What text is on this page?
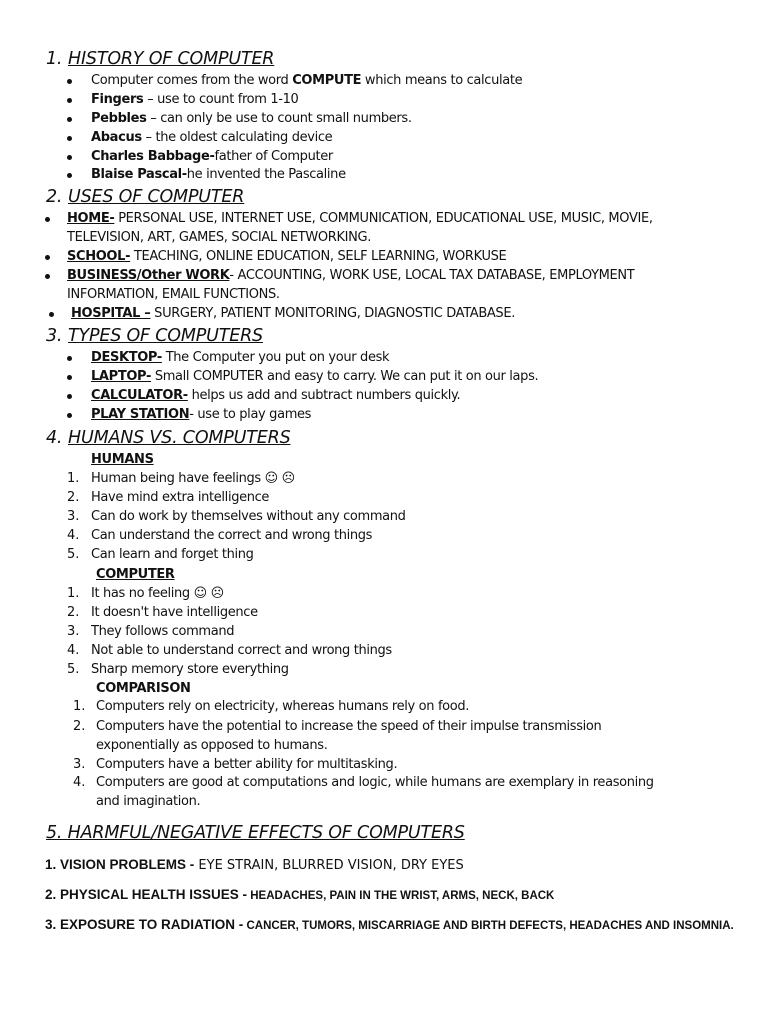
1. HISTORY OF COMPUTER
Computer comes from the word COMPUTE which means to calculate
Fingers – use to count from 1-10
Pebbles – can only be use to count small numbers.
Abacus – the oldest calculating device
Charles Babbage-father of Computer
Blaise Pascal-he invented the Pascaline
2. USES OF COMPUTER
HOME- PERSONAL USE, INTERNET USE, COMMUNICATION, EDUCATIONAL USE, MUSIC, MOVIE,
TELEVISION, ART, GAMES, SOCIAL NETWORKING.
SCHOOL- TEACHING, ONLINE EDUCATION, SELF LEARNING, WORKUSE
BUSINESS/Other WORK- ACCOUNTING, WORK USE, LOCAL TAX DATABASE, EMPLOYMENT
INFORMATION, EMAIL FUNCTIONS.
HOSPITAL – SURGERY, PATIENT MONITORING, DIAGNOSTIC DATABASE.
3. TYPES OF COMPUTERS
DESKTOP- The Computer you put on your desk
LAPTOP- Small COMPUTER and easy to carry. We can put it on our laps.
CALCULATOR- helps us add and subtract numbers quickly.
PLAY STATION- use to play games
4. HUMANS VS. COMPUTERS
HUMANS
1. Human being have feelings ☺ ☹
2. Have mind extra intelligence
3. Can do work by themselves without any command
4. Can understand the correct and wrong things
5. Can learn and forget thing
COMPUTER
1. It has no feeling ☺ ☹
2. It doesn't have intelligence
3. They follows command
4. Not able to understand correct and wrong things
5. Sharp memory store everything
COMPARISON
1. Computers rely on electricity, whereas humans rely on food.
2. Computers have the potential to increase the speed of their impulse transmission
exponentially as opposed to humans.
3. Computers have a better ability for multitasking.
4. Computers are good at computations and logic, while humans are exemplary in reasoning
and imagination.
5. HARMFUL/NEGATIVE EFFECTS OF COMPUTERS
1. VISION PROBLEMS - EYE STRAIN, BLURRED VISION, DRY EYES
2. PHYSICAL HEALTH ISSUES - HEADACHES, PAIN IN THE WRIST, ARMS, NECK, BACK
3. EXPOSURE TO RADIATION - CANCER, TUMORS, MISCARRIAGE AND BIRTH DEFECTS, HEADACHES AND INSOMNIA.
